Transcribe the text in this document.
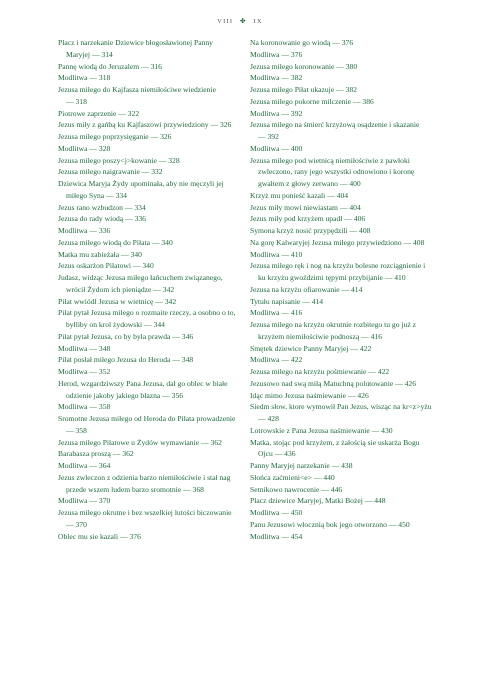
VIII ✤ IX
Płacz i narzekanie Dziewice błogosławionej Panny Maryjej — 314
Pannę wiodą do Jeruzalem — 316
Modlitwa — 318
Jezusa miłego do Kajfasza niemiłościwe wiedzienie — 318
Piotrowe zaprzenie — 322
Jezus miły z gańbą ku Kajfaszowi przywiedziony — 326
Jezusa miłego poprzysięganie — 326
Modlitwa — 328
Jezusa miłego poszy<j>kowanie — 328
Jezusa miłego naigrawanie — 332
Dziewica Maryja Żydy upominała, aby nie męczyli jej miłego Syna — 334
Jezus rano wzbudzon — 334
Jezusa do rady wiodą — 336
Modlitwa — 336
Jezusa miłego wiodą do Piłata — 340
Matka mu zabieżała — 340
Jezus oskarżon Piłatowi — 340
Judasz, widząc Jezusa miłego łańcuchem związanego, wrócił Żydom ich pieniądze — 342
Piłat wwiódł Jezusa w wietnicę — 342
Piłat pytał Jezusa miłego o rozmaite rzeczy, a osobno o to, byłliby on krol żydowski — 344
Piłat pytał Jezusa, co by była prawda — 346
Modlitwa — 348
Piłat posłał miłego Jezusa do Heroda — 348
Modlitwa — 352
Herod, wzgardziwszy Pana Jezusa, dał go oblec w białe odzienie jakoby jakiego błazna — 356
Modlitwa — 358
Sromotne Jezusa miłego od Heroda do Piłata prowadzenie — 358
Jezusa miłego Piłatowe u Żydów wymawianie — 362
Barabasza proszą — 362
Modlitwa — 364
Jezus zwleczon z odzienia barzo niemiłościwie i stał nag przede wszem ludem barzo sromotnie — 368
Modlitwa — 370
Jezusa miłego okrutne i bez wszelkiej lutości biczowanie — 370
Oblec mu sie kazali — 376
Na koronowanie go wiodą — 376
Modlitwa — 376
Jezusa miłego koronowanie — 380
Modlitwa — 382
Jezusa miłego Piłat ukazuje — 382
Jezusa miłego pokorne milczenie — 386
Modlitwa — 392
Jezusa miłego na śmierć krzyżową osądzenie i skazanie — 392
Modlitwa — 400
Jezusa miłego pod wietnicą niemiłościwie z pawłoki zwleczono, rany jego wszystki odnowiono i koronę gwałtem z głowy zerwano — 400
Krzyż mu ponieść kazali — 404
Jezus miły mowi niewiastam — 404
Jezus miły pod krzyżem upadł — 406
Symona krzyż nosić przypędzili — 408
Na gorę Kalwaryjej Jezusa miłego przywiedziono — 408
Modlitwa — 410
Jezusa miłego ręk i nog na krzyżu bolesne rozciągnienie i ku krzyżu gwoździmi tępymi przybijanie — 410
Jezusa na krzyżu ofiarowanie — 414
Tytułu napisanie — 414
Modlitwa — 416
Jezusa miłego na krzyżu okrutnie rozbitego tu go już z krzyżem niemiłościwie podnoszą — 416
Smętek dziewice Panny Maryjej — 422
Modlitwa — 422
Jezusa miłego na krzyżu pośmiewanie — 422
Jezusowo nad swą miłą Matuchną polutowanie — 426
Idąc mimo Jezusa naśmiewanie — 426
Siedm słow, ktore wymowił Pan Jezus, wisząc na kr<z>yżu — 428
Lotrowskie z Pana Jezusa naśmiewanie — 430
Matka, stojąc pod krzyżem, z żałością sie uskarża Bogu Ojcu — 436
Panny Maryjej narzekanie — 438
Słońca zaćmieni<e> — 440
Setnikowo nawrocenie — 446
Płacz dziewice Maryjej, Matki Bożej — 448
Modlitwa — 450
Panu Jezusowi włocznią bok jego otworzono — 450
Modlitwa — 454
